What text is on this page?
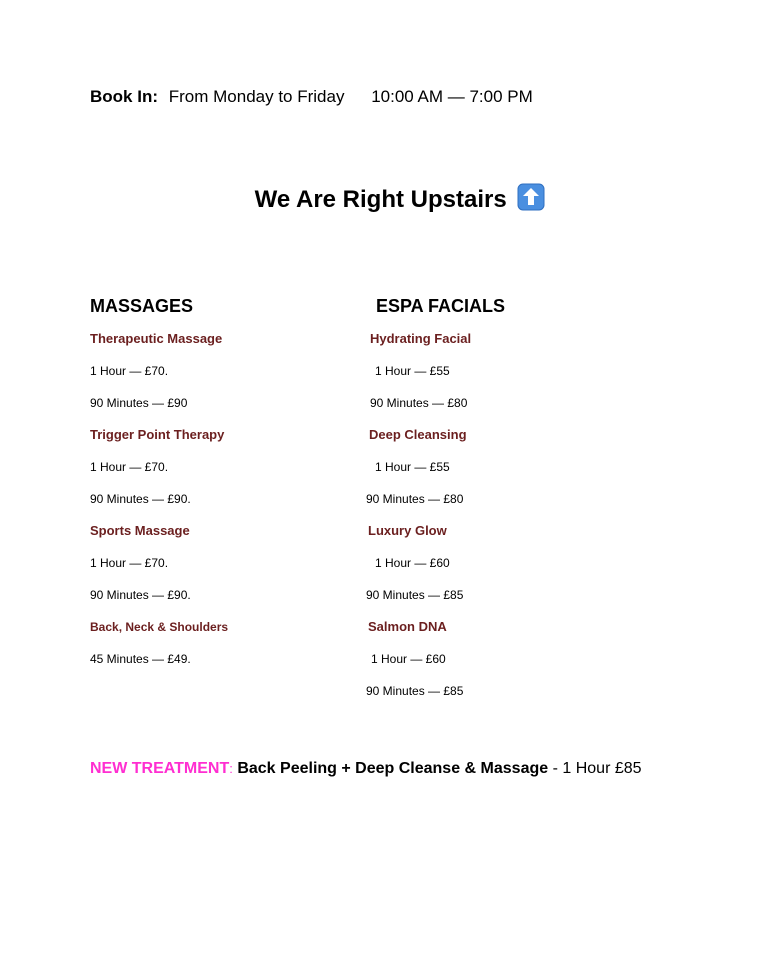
Book In: From Monday to Friday 10:00 AM — 7:00 PM
We Are Right Upstairs
MASSAGES
Therapeutic Massage
1 Hour — £70.
90 Minutes — £90
Trigger Point Therapy
1 Hour — £70.
90 Minutes — £90.
Sports Massage
1 Hour — £70.
90 Minutes — £90.
Back, Neck & Shoulders
45 Minutes — £49.
ESPA FACIALS
Hydrating Facial
1 Hour — £55
90 Minutes — £80
Deep Cleansing
1 Hour — £55
90 Minutes — £80
Luxury Glow
1 Hour — £60
90 Minutes — £85
Salmon DNA
1 Hour — £60
90 Minutes — £85
NEW TREATMENT: Back Peeling + Deep Cleanse & Massage - 1 Hour £85
